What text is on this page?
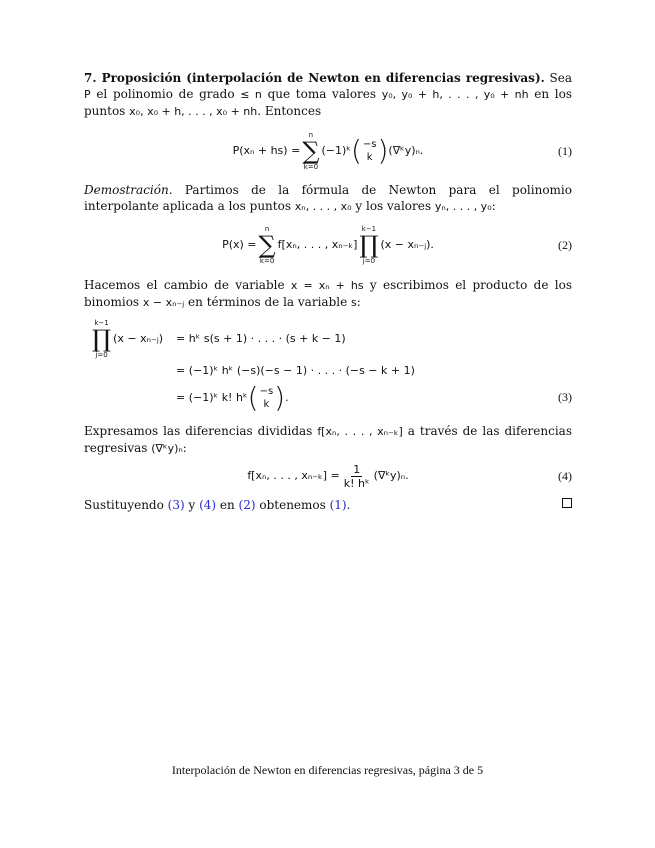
7. Proposición (interpolación de Newton en diferencias regresivas). Sea P el polinomio de grado ≤ n que toma valores y₀, y₀ + h, . . . , y₀ + nh en los puntos x₀, x₀ + h, . . . , x₀ + nh. Entonces

P(xₙ + hs) =
n
∑
k=0
(−1)ᵏ ( −s
k ) (∇ᵏy)ₙ.	(1)

Demostración. Partimos de la fórmula de Newton para el polinomio interpolante aplicada a los puntos xₙ, . . . , x₀ y los valores yₙ, . . . , y₀:

P(x) =
n
∑
k=0
f[xₙ, . . . , xₙ₋ₖ]
k−1
∏
j=0
(x − xₙ₋ⱼ).	(2)

Hacemos el cambio de variable x = xₙ + hs y escribimos el producto de los binomios x − xₙ₋ⱼ en términos de la variable s:

k−1
∏
j=0
(x − xₙ₋ⱼ) = hᵏ s(s + 1) · . . . · (s + k − 1)
= (−1)ᵏ hᵏ (−s)(−s − 1) · . . . · (−s − k + 1)
= (−1)ᵏ k! hᵏ ( −s
k ) .	(3)

Expresamos las diferencias divididas f[xₙ, . . . , xₙ₋ₖ] a través de las diferencias regresivas (∇ᵏy)ₙ:

f[xₙ, . . . , $x_{n-k}] = \frac{1}{\text{k! hᵏ}}$ (∇ᵏy)ₙ.	(4)

Sustituyendo (3) y (4) en (2) obtenemos (1).

Interpolación de Newton en diferencias regresivas, página 3 de 5
